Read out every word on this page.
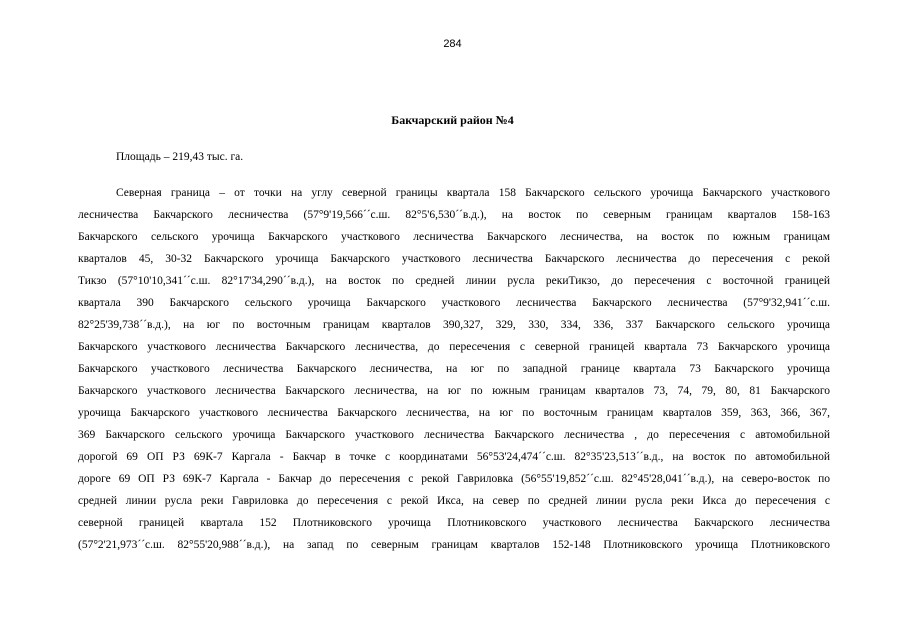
284
Бакчарский район №4
Площадь – 219,43 тыс. га.
Северная граница – от точки на углу северной границы квартала 158 Бакчарского сельского урочища Бакчарского участкового
лесничества Бакчарского лесничества (57°9'19,566´´с.ш. 82°5'6,530´´в.д.), на восток по северным границам кварталов 158-163
Бакчарского сельского урочища Бакчарского участкового лесничества Бакчарского лесничества, на восток по южным границам
кварталов 45, 30-32 Бакчарского урочища Бакчарского участкового лесничества Бакчарского лесничества до пересечения с рекой
Тикзо (57°10'10,341´´с.ш. 82°17'34,290´´в.д.), на восток по средней линии русла рекиТикзо, до пересечения с восточной границей
квартала 390 Бакчарского сельского урочища Бакчарского участкового лесничества Бакчарского лесничества (57°9'32,941´´с.ш.
82°25'39,738´´в.д.), на юг по восточным границам кварталов 390,327, 329, 330, 334, 336, 337 Бакчарского сельского урочища
Бакчарского участкового лесничества Бакчарского лесничества, до пересечения с северной границей квартала 73 Бакчарского урочища
Бакчарского участкового лесничества Бакчарского лесничества, на юг по западной границе квартала 73 Бакчарского урочища
Бакчарского участкового лесничества Бакчарского лесничества, на юг по южным границам кварталов 73, 74, 79, 80, 81 Бакчарского
урочища Бакчарского участкового лесничества Бакчарского лесничества, на юг по восточным границам кварталов 359, 363, 366, 367,
369 Бакчарского сельского урочища Бакчарского участкового лесничества Бакчарского лесничества , до пересечения с автомобильной
дорогой 69 ОП РЗ 69К-7 Каргала - Бакчар в точке с координатами 56°53'24,474´´с.ш. 82°35'23,513´´в.д., на восток по автомобильной
дороге 69 ОП РЗ 69К-7 Каргала - Бакчар до пересечения с рекой Гавриловка (56°55'19,852´´с.ш. 82°45'28,041´´в.д.), на северо-восток по
средней линии русла реки Гавриловка до пересечения с рекой Икса, на север по средней линии русла реки Икса до пересечения с
северной границей квартала 152 Плотниковского урочища Плотниковского участкового лесничества Бакчарского лесничества
(57°2'21,973´´с.ш. 82°55'20,988´´в.д.), на запад по северным границам кварталов 152-148 Плотниковского урочища Плотниковского
